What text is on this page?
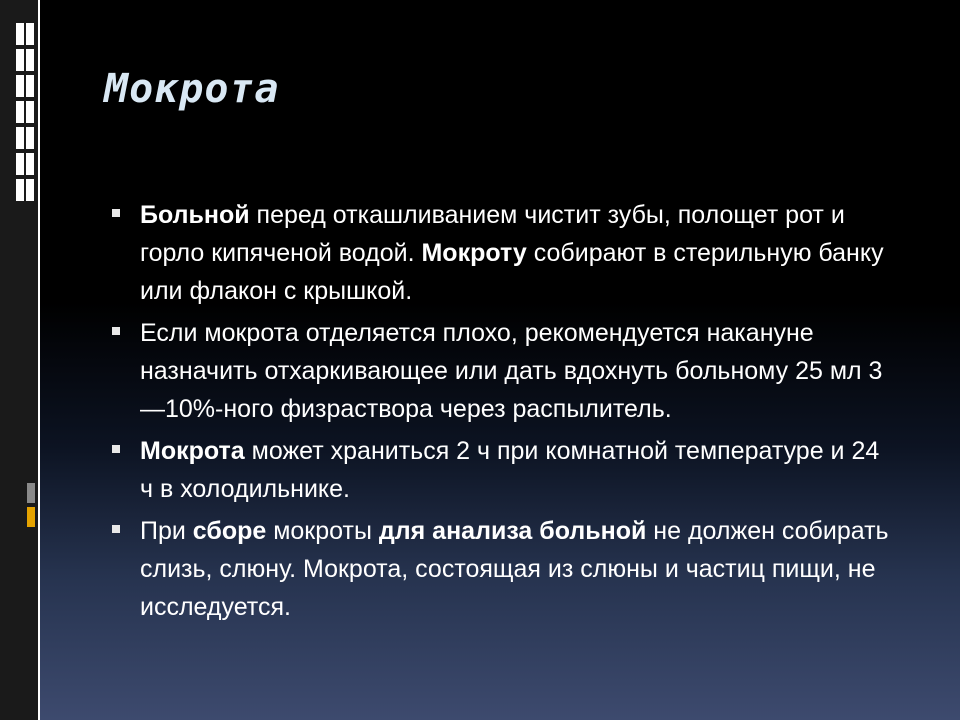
Мокрота
Больной перед откашливанием чистит зубы, полощет рот и горло кипяченой водой. Мокроту собирают в стерильную банку или флакон с крышкой.
Если мокрота отделяется плохо, рекомендуется накануне назначить отхаркивающее или дать вдохнуть больному 25 мл 3—10%-ного физраствора через распылитель.
Мокрота может храниться 2 ч при комнатной температуре и 24 ч в холодильнике.
При сборе мокроты для анализа больной не должен собирать слизь, слюну. Мокрота, состоящая из слюны и частиц пищи, не исследуется.
